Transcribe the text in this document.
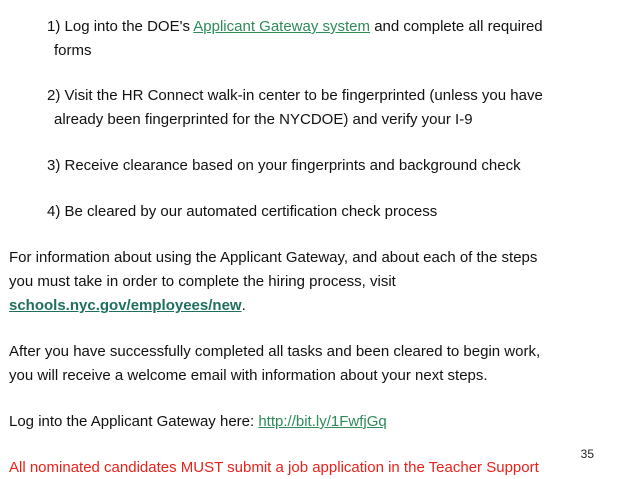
1) Log into the DOE's Applicant Gateway system and complete all required
forms
2) Visit the HR Connect walk-in center to be fingerprinted (unless you have
already been fingerprinted for the NYCDOE) and verify your I-9
3) Receive clearance based on your fingerprints and background check
4) Be cleared by our automated certification check process
For information about using the Applicant Gateway, and about each of the steps
you must take in order to complete the hiring process, visit
schools.nyc.gov/employees/new.
After you have successfully completed all tasks and been cleared to begin work,
you will receive a welcome email with information about your next steps.
Log into the Applicant Gateway here: http://bit.ly/1FwfjGq
35
All nominated candidates MUST submit a job application in the Teacher Support
